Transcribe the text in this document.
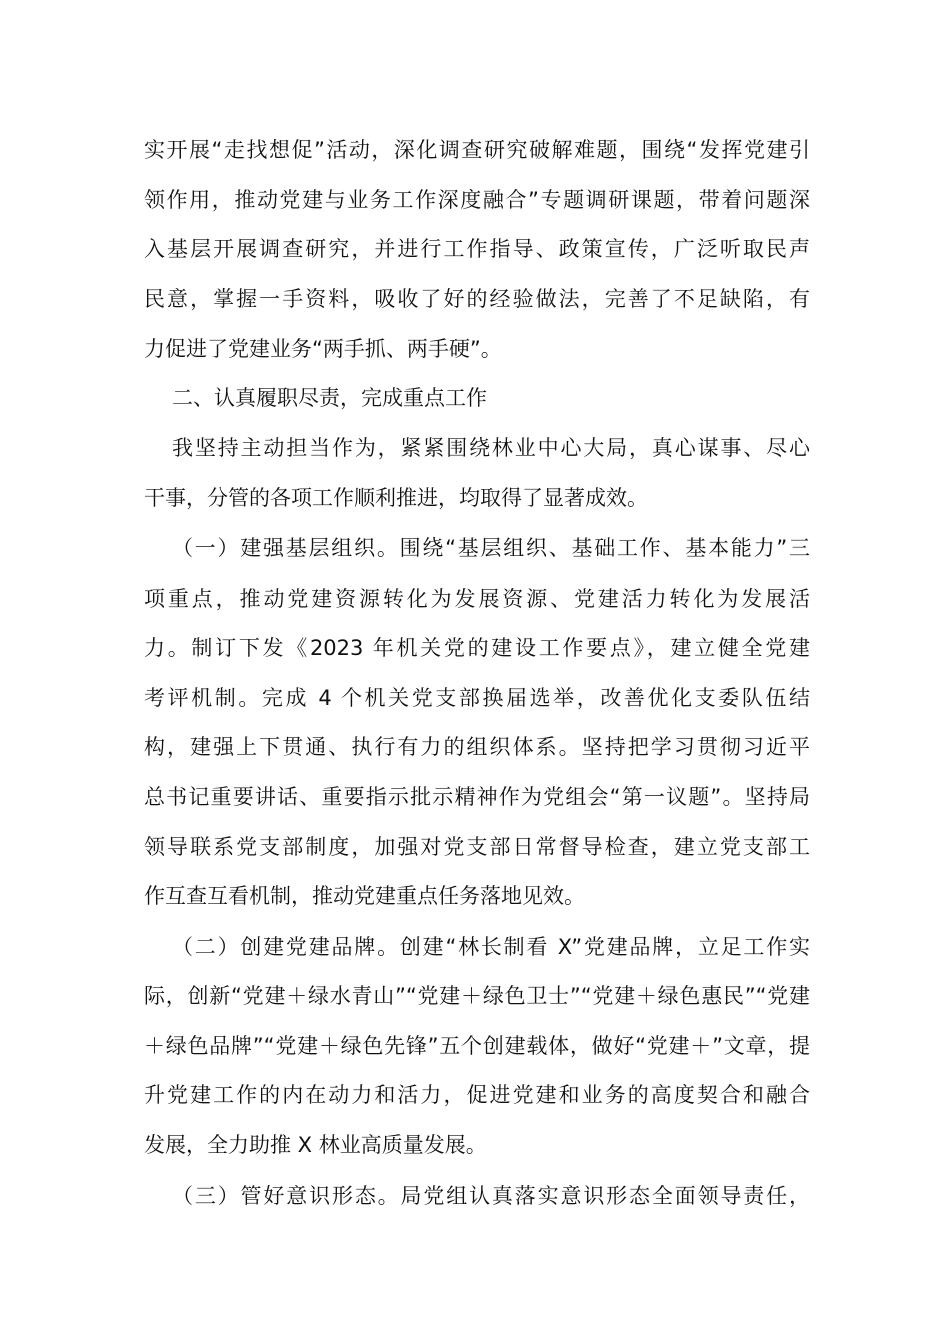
实开展“走找想促”活动，深化调查研究破解难题，围绕“发挥党建引
领作用，推动党建与业务工作深度融合”专题调研课题，带着问题深
入基层开展调查研究，并进行工作指导、政策宣传，广泛听取民声
民意，掌握一手资料，吸收了好的经验做法，完善了不足缺陷，有
力促进了党建业务“两手抓、两手硬”。
二、认真履职尽责，完成重点工作
我坚持主动担当作为，紧紧围绕林业中心大局，真心谋事、尽心
干事，分管的各项工作顺利推进，均取得了显著成效。
（一）建强基层组织。围绕“基层组织、基础工作、基本能力”三
项重点，推动党建资源转化为发展资源、党建活力转化为发展活
力。制订下发《2023 年机关党的建设工作要点》，建立健全党建
考评机制。完成 4 个机关党支部换届选举，改善优化支委队伍结
构，建强上下贯通、执行有力的组织体系。坚持把学习贯彻习近平
总书记重要讲话、重要指示批示精神作为党组会“第一议题”。坚持局
领导联系党支部制度，加强对党支部日常督导检查，建立党支部工
作互查互看机制，推动党建重点任务落地见效。
（二）创建党建品牌。创建“林长制看 X”党建品牌，立足工作实
际，创新“党建＋绿水青山”“党建＋绿色卫士”“党建＋绿色惠民”“党建
＋绿色品牌”“党建＋绿色先锋”五个创建载体，做好“党建＋”文章，提
升党建工作的内在动力和活力，促进党建和业务的高度契合和融合
发展，全力助推 X 林业高质量发展。
（三）管好意识形态。局党组认真落实意识形态全面领导责任，
